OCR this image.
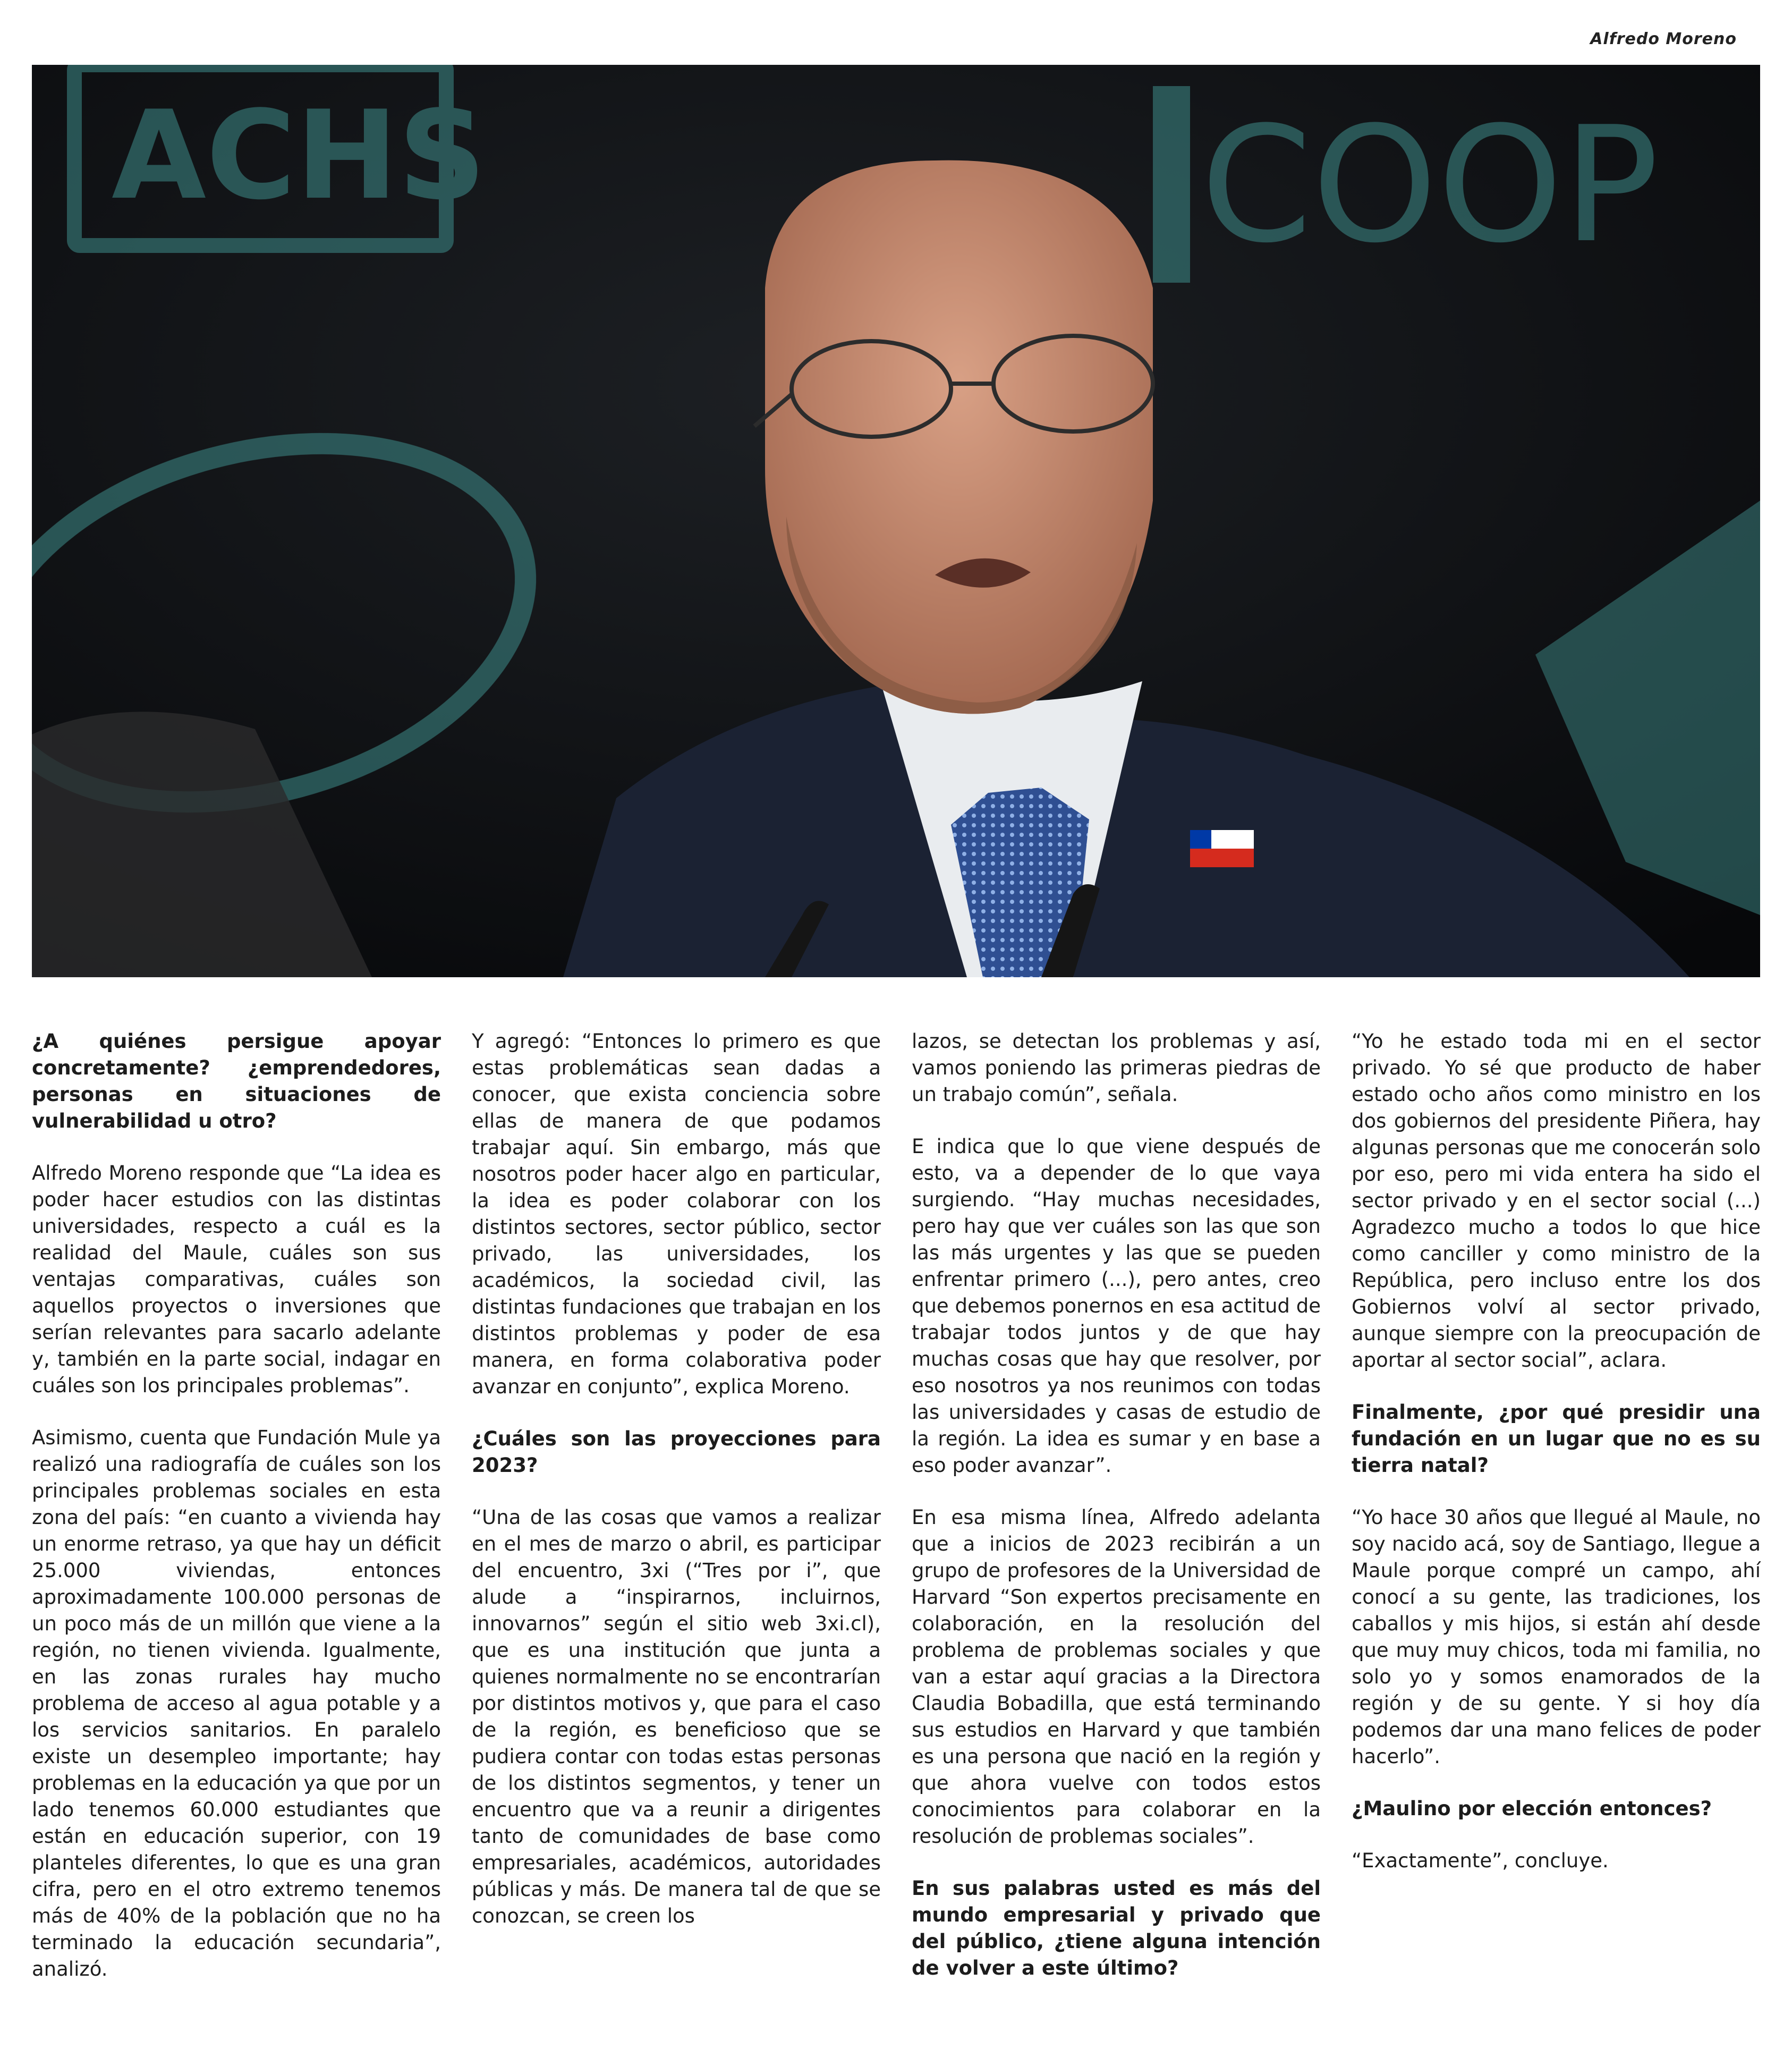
Alfredo Moreno
ACHS	COOP

¿A quiénes persigue apoyar concretamente? ¿emprendedores, personas en situaciones de vulnerabilidad u otro?

Alfredo Moreno responde que “La idea es poder hacer estudios con las distintas universidades, respecto a cuál es la realidad del Maule, cuáles son sus ventajas comparativas, cuáles son aquellos proyectos o inversiones que serían relevantes para sacarlo adelante y, también en la parte social, indagar en cuáles son los principales problemas”.

Asimismo, cuenta que Fundación Mule ya realizó una radiografía de cuáles son los principales problemas sociales en esta zona del país: “en cuanto a vivienda hay un enorme retraso, ya que hay un déficit 25.000 viviendas, entonces aproximadamente 100.000 personas de un poco más de un millón que viene a la región, no tienen vivienda. Igualmente, en las zonas rurales hay mucho problema de acceso al agua potable y a los servicios sanitarios. En paralelo existe un desempleo importante; hay problemas en la educación ya que por un lado tenemos 60.000 estudiantes que están en educación superior, con 19 planteles diferentes, lo que es una gran cifra, pero en el otro extremo tenemos más de 40% de la población que no ha terminado la educación secundaria”, analizó.

Y agregó: “Entonces lo primero es que estas problemáticas sean dadas a conocer, que exista conciencia sobre ellas de manera de que podamos trabajar aquí. Sin embargo, más que nosotros poder hacer algo en particular, la idea es poder colaborar con los distintos sectores, sector público, sector privado, las universidades, los académicos, la sociedad civil, las distintas fundaciones que trabajan en los distintos problemas y poder de esa manera, en forma colaborativa poder avanzar en conjunto”, explica Moreno.

¿Cuáles son las proyecciones para 2023?

“Una de las cosas que vamos a realizar en el mes de marzo o abril, es participar del encuentro, 3xi (“Tres por i”, que alude a “inspirarnos, incluirnos, innovarnos” según el sitio web 3xi.cl), que es una institución que junta a quienes normalmente no se encontrarían por distintos motivos y, que para el caso de la región, es beneficioso que se pudiera contar con todas estas personas de los distintos segmentos, y tener un encuentro que va a reunir a dirigentes tanto de comunidades de base como empresariales, académicos, autoridades públicas y más. De manera tal de que se conozcan, se creen los

lazos, se detectan los problemas y así, vamos poniendo las primeras piedras de un trabajo común”, señala.

E indica que lo que viene después de esto, va a depender de lo que vaya surgiendo. “Hay muchas necesidades, pero hay que ver cuáles son las que son las más urgentes y las que se pueden enfrentar primero (...), pero antes, creo que debemos ponernos en esa actitud de trabajar todos juntos y de que hay muchas cosas que hay que resolver, por eso nosotros ya nos reunimos con todas las universidades y casas de estudio de la región. La idea es sumar y en base a eso poder avanzar”.

En esa misma línea, Alfredo adelanta que a inicios de 2023 recibirán a un grupo de profesores de la Universidad de Harvard “Son expertos precisamente en colaboración, en la resolución del problema de problemas sociales y que van a estar aquí gracias a la Directora Claudia Bobadilla, que está terminando sus estudios en Harvard y que también es una persona que nació en la región y que ahora vuelve con todos estos conocimientos para colaborar en la resolución de problemas sociales”.

En sus palabras usted es más del mundo empresarial y privado que del público, ¿tiene alguna intención de volver a este último?

“Yo he estado toda mi en el sector privado. Yo sé que producto de haber estado ocho años como ministro en los dos gobiernos del presidente Piñera, hay algunas personas que me conocerán solo por eso, pero mi vida entera ha sido el sector privado y en el sector social (...) Agradezco mucho a todos lo que hice como canciller y como ministro de la República, pero incluso entre los dos Gobiernos volví al sector privado, aunque siempre con la preocupación de aportar al sector social”, aclara.

Finalmente, ¿por qué presidir una fundación en un lugar que no es su tierra natal?

“Yo hace 30 años que llegué al Maule, no soy nacido acá, soy de Santiago, llegue a Maule porque compré un campo, ahí conocí a su gente, las tradiciones, los caballos y mis hijos, si están ahí desde que muy muy chicos, toda mi familia, no solo yo y somos enamorados de la región y de su gente. Y si hoy día podemos dar una mano felices de poder hacerlo”.

¿Maulino por elección entonces?

“Exactamente”, concluye.
